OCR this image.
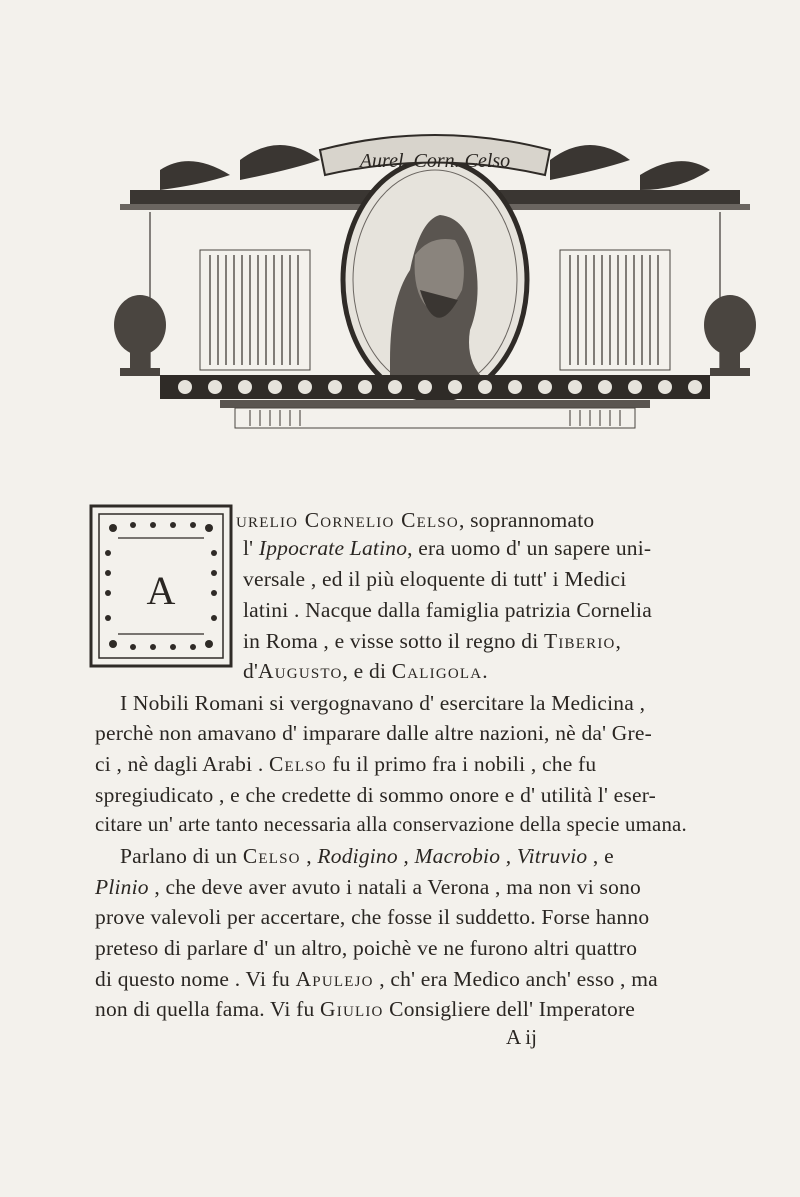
Aurel. Corn. Celso
A
urelio Cornelio Celso, soprannomato
l' Ippocrate Latino, era uomo d' un sapere uni-
versale , ed il più eloquente di tutt' i Medici
latini . Nacque dalla famiglia patrizia Cornelia
in Roma , e visse sotto il regno di Tiberio,
d'Augusto, e di Caligola.
I Nobili Romani si vergognavano d' esercitare la Medicina ,
perchè non amavano d' imparare dalle altre nazioni, nè da' Gre-
ci , nè dagli Arabi . Celso fu il primo fra i nobili , che fu
spregiudicato , e che credette di sommo onore e d' utilità l' eser-
citare un' arte tanto necessaria alla conservazione della specie umana.
Parlano di un Celso , Rodigino , Macrobio , Vitruvio , e
Plinio , che deve aver avuto i natali a Verona , ma non vi sono
prove valevoli per accertare, che fosse il suddetto. Forse hanno
preteso di parlare d' un altro, poichè ve ne furono altri quattro
di questo nome . Vi fu Apulejo , ch' era Medico anch' esso , ma
non di quella fama. Vi fu Giulio Consigliere dell' Imperatore
A ij
